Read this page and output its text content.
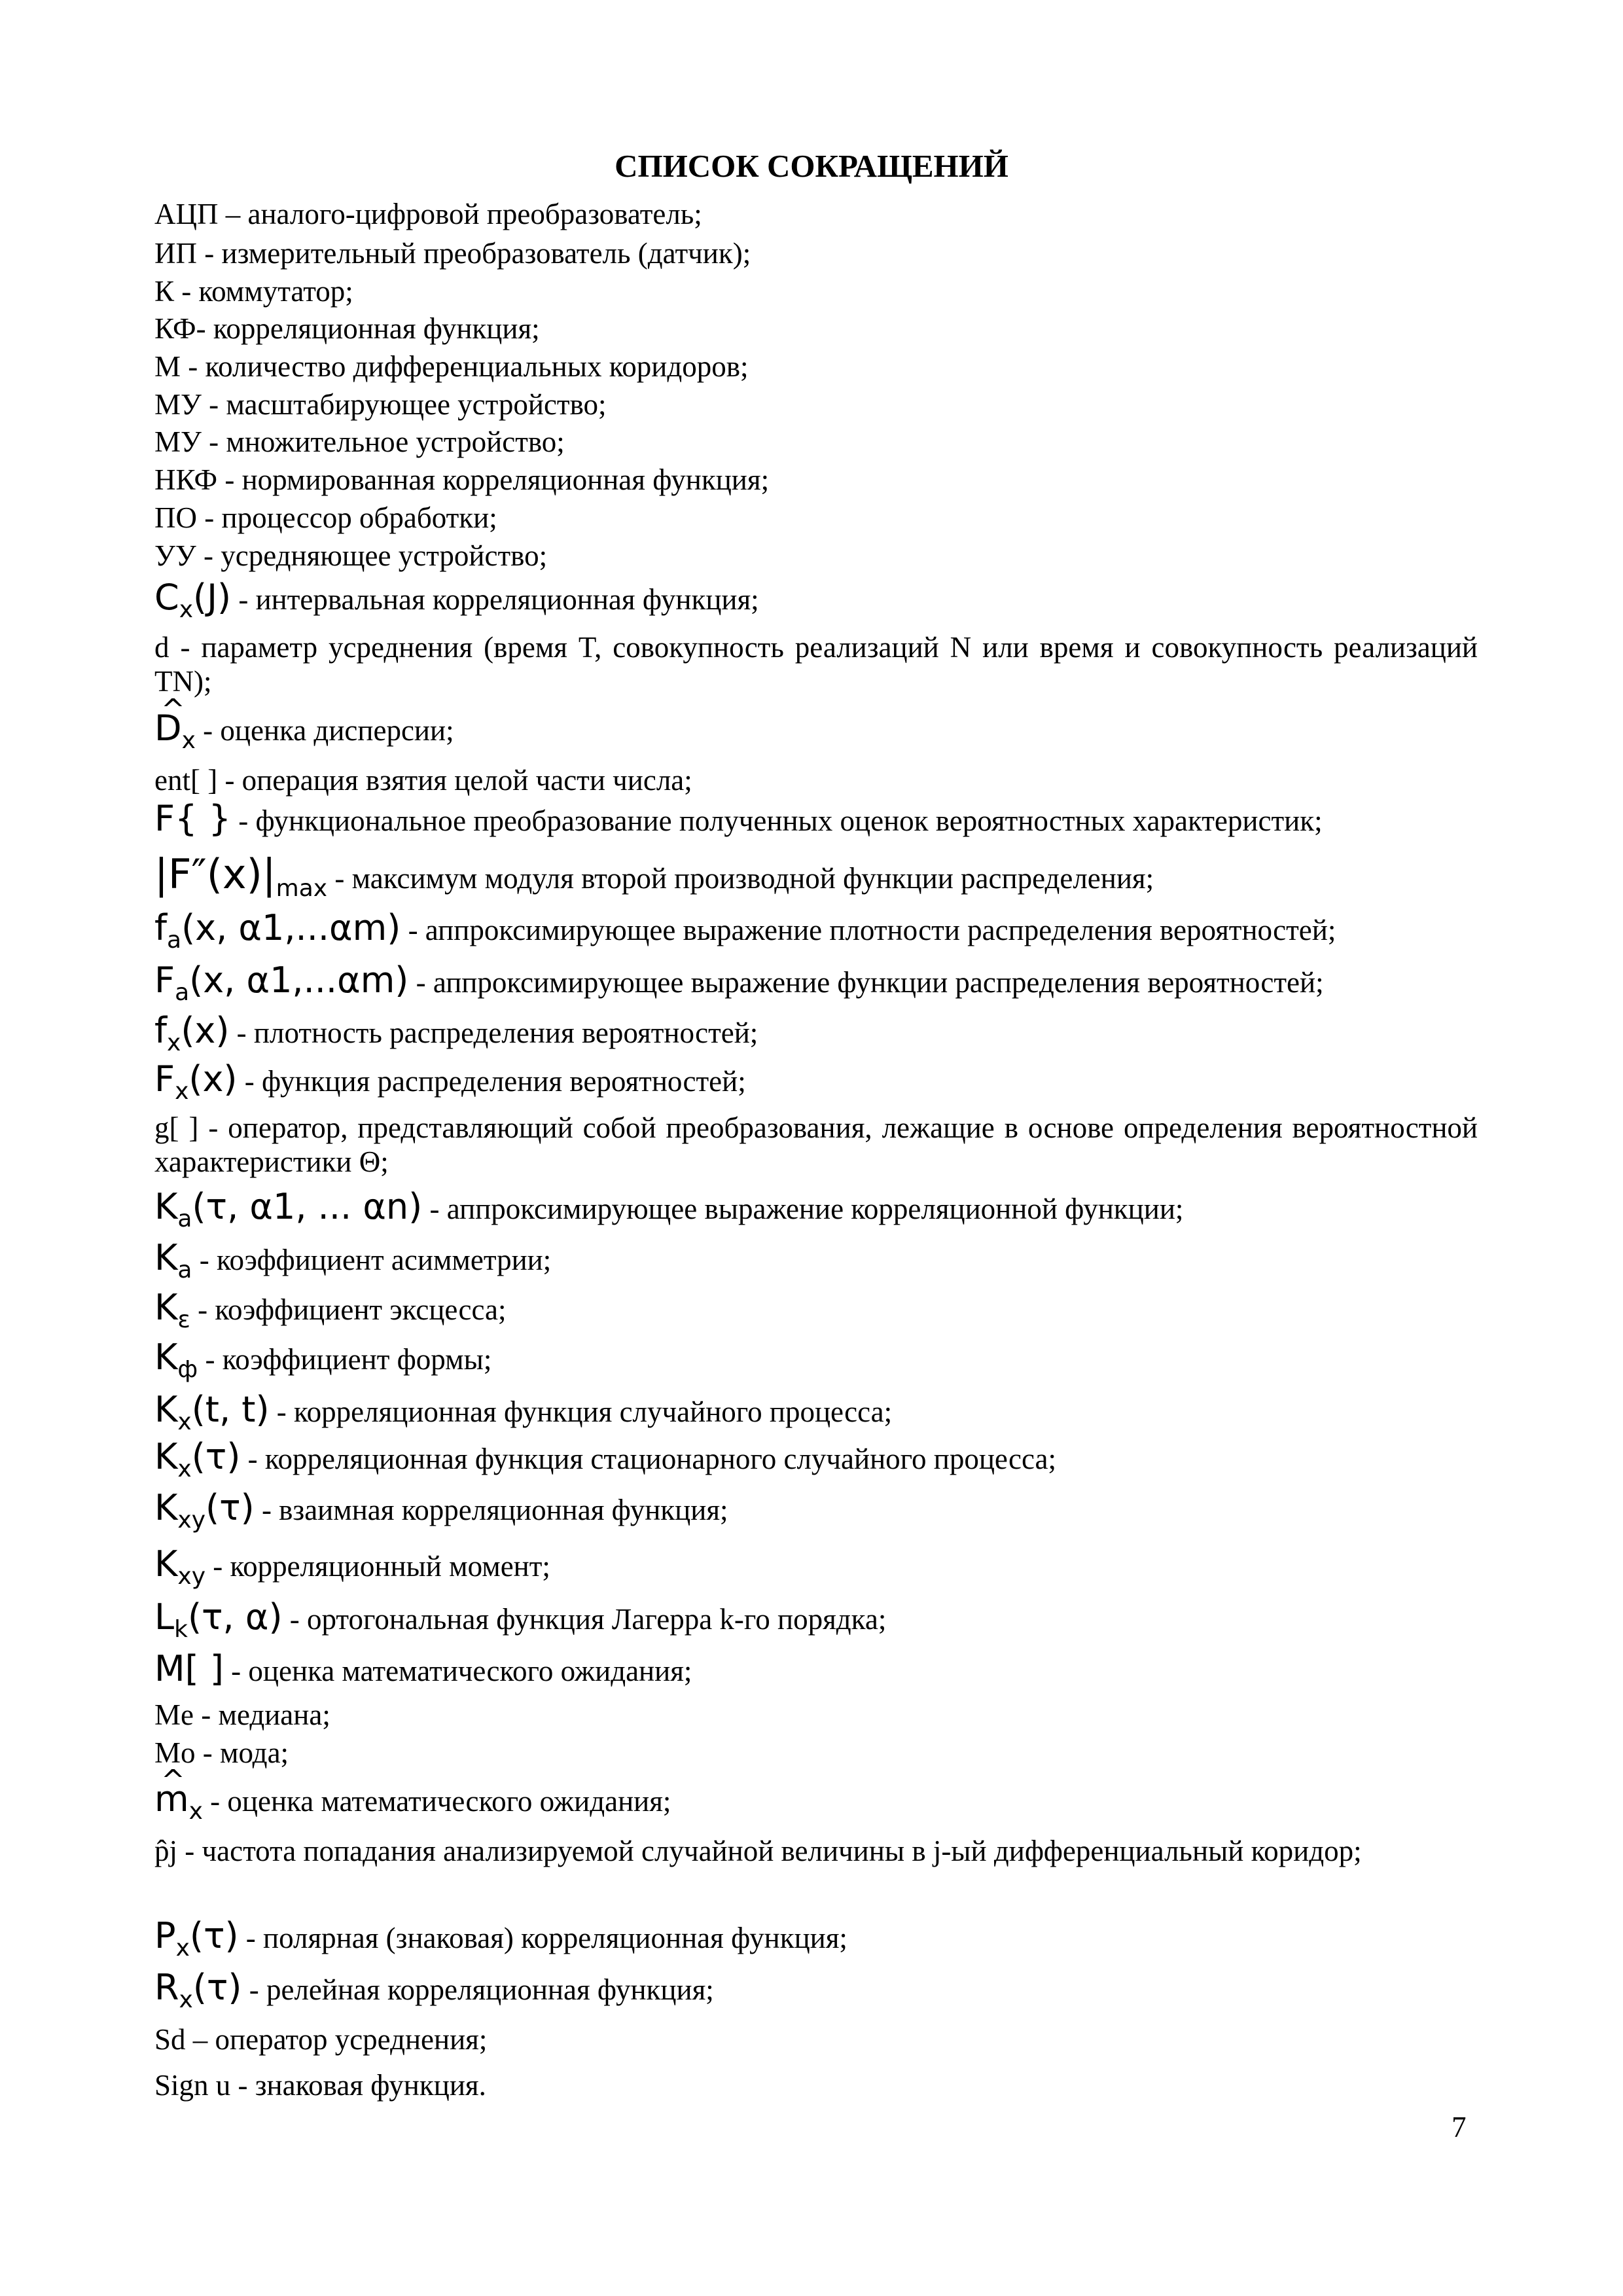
СПИСОК СОКРАЩЕНИЙ
АЦП – аналого-цифровой преобразователь;
ИП - измерительный преобразователь (датчик);
К - коммутатор;
КФ- корреляционная функция;
М - количество дифференциальных коридоров;
МУ - масштабирующее устройство;
МУ - множительное устройство;
НКФ - нормированная корреляционная функция;
ПО - процессор обработки;
УУ - усредняющее устройство;
$C_x(J)$ - интервальная корреляционная функция;
d - параметр усреднения (время T, совокупность реализаций N или время и совокупность реализаций TN);
^ $D_x$ - оценка дисперсии;
ent[ ] - операция взятия целой части числа;
F{ } - функциональное преобразование полученных оценок вероятностных характеристик;
$|F''(x)|_{max}$ - максимум модуля второй производной функции распределения;
$f_a(x$, α1,...αm) - аппроксимирующее выражение плотности распределения вероятностей;
$F_a(x$, α1,...αm) - аппроксимирующее выражение функции распределения вероятностей;
$f_x(x)$ - плотность распределения вероятностей;
$F_x(x)$ - функция распределения вероятностей;
g[ ] - оператор, представляющий собой преобразования, лежащие в основе определения вероятностной характеристики Θ;
$K_a(\tau$, α1, ... αn) - аппроксимирующее выражение корреляционной функции;
$K_a$ - коэффициент асимметрии;
$K_\varepsilon$ - коэффициент эксцесса;
$K_ф$ - коэффициент формы;
$K_x(t$, t) - корреляционная функция случайного процесса;
$K_x(\tau)$ - корреляционная функция стационарного случайного процесса;
$K_{xy}(\tau)$ - взаимная корреляционная функция;
$K_{xy}$ - корреляционный момент;
$L_k(\tau$, α) - ортогональная функция Лагерра k-го порядка;
M[ ] - оценка математического ожидания;
Me - медиана;
Mo - мода;
^ $m_x$ - оценка математического ожидания;
p̂j - частота попадания анализируемой случайной величины в j-ый дифференциальный коридор;
$P_x(\tau)$ - полярная (знаковая) корреляционная функция;
$R_x(\tau)$ - релейная корреляционная функция;
Sd – оператор усреднения;
Sign u - знаковая функция.
7
